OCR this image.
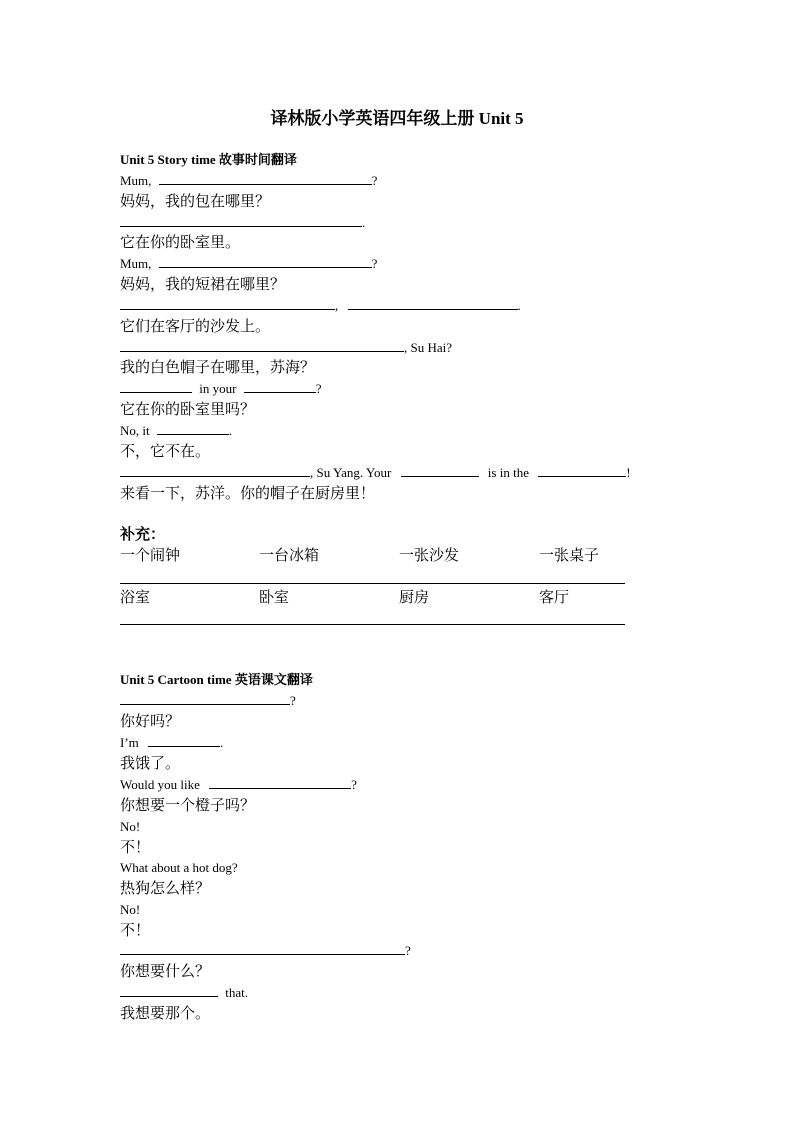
译林版小学英语四年级上册 Unit 5
Unit 5 Story time 故事时间翻译
Mum,	?
妈妈，我的包在哪里？
.
它在你的卧室里。
Mum,	?
妈妈，我的短裙在哪里？
,	.
它们在客厅的沙发上。
, Su Hai?
我的白色帽子在哪里，苏海？
in your	?
它在你的卧室里吗？
No, it	.
不，它不在。
, Su Yang. Your	is in the	!
来看一下，苏洋。你的帽子在厨房里！
补充：
一个闹钟	一台冰箱	一张沙发	一张桌子
浴室	卧室	厨房	客厅
Unit 5 Cartoon time 英语课文翻译
?
你好吗？
I’m	.
我饿了。
Would you like	?
你想要一个橙子吗？
No!
不！
What about a hot dog?
热狗怎么样？
No!
不！
?
你想要什么？
that.
我想要那个。
